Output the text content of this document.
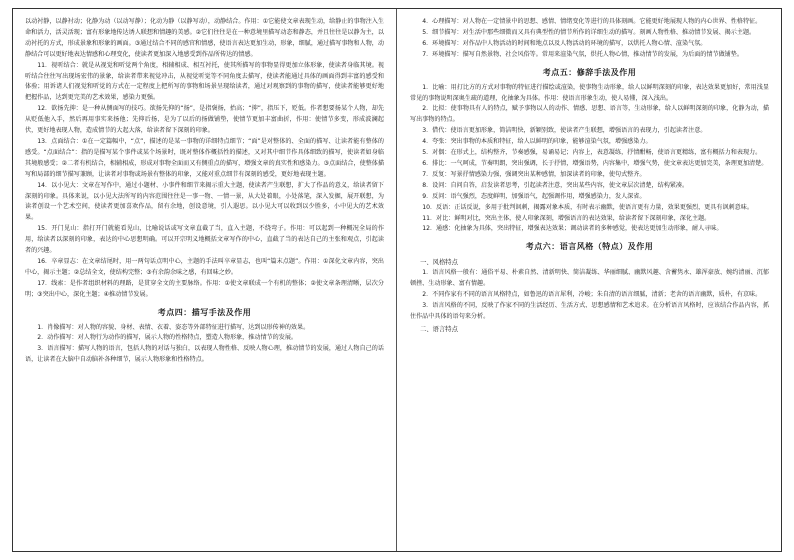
以动衬静，以静衬动；化静为动（以动写静）；化动为静（以静写动），动静结合。作用：①它能使文章表现生动，给静止的事物注入生命和活力，活灵活现；富有形象地传达诱人联想和情趣的美感。②它们往往是在一种意境里描写动态和静态，并且往往是以静为主，以动衬托的方式，形成景象和形象的画面。③通过结合不同的感官和情感，使语言表达更加生动，形象，细腻，通过描写事物和人物，动静结合可以更好地表达情感和心理变化，使读者更加深入地感受到作品所传达的情感。

11．视听结合：就是从视觉和听觉两个角度，相辅相成、相互衬托，使其所描写的事物显得更加立体形象，使读者身临其境。视听结合往往写出现场宏伟的景象，给读者带来视觉冲击，从视觉听觉等不同角度去描写，使读者能通过具体的画面得到丰富的感受和体验；用诉诸人们视觉和听觉的方式在一定程度上把所写的事物和场景呈现给读者，通过对观察到的事物的描写，使读者能够更好地把握作品，达到更完美的艺术效果，感染力更强。

12．欲扬先抑：是一种从侧面写的技巧。欲扬先抑的“扬”，是指褒扬，抬高；“抑”，指压下，贬低。作者想要扬某个人物，却先从贬低他入手，然后再用事实来扬他；先抑后扬，是为了以后的扬做铺垫，使情节更加丰富曲折，作用：使情节多变，形成波澜起伏，更好地表现人物，造成情节的大起大落，给读者留下深刻的印象。

13．点面结合：①在一定篇幅中，“点”，描述的是某一事物的详细特点细节；“面”是对整体的、全面的描写、让读者能有整体的感受。“点面结合”：指的是描写某个事件或某个场景时，既对整体作概括性的描述，又对其中细节作具体细致的描写，使读者如身临其境般感受；②二者有机结合，相辅相成，形成对事物全面而又有侧重点的描写，增强文章的真实性和感染力。③点面结合，使整体描写和局部的细节描写兼顾，让读者对事物或场景有整体的印象，又能对重点细节有深刻的感受，更好地表现主题。

14．以小见大：文章在写作中，通过小题材、小事件和细节来揭示重大主题，使读者产生联想，扩大了作品的意义，给读者留下深刻的印象。具体来说，以小见大法所写的内容范围往往是一事一物、一情一景，从大处着眼，小处落笔，深入发掘，展开联想，为读者创设一个艺术空间，使读者更加喜欢作品，留有余地，创设意境，引人遐思。以小见大可以收到以少胜多，小中见大的艺术效果。

15．开门见山：指打开门就能看见山，比喻说话或写文章直截了当，直入主题，不绕弯子。作用：可以起到一种概况全局的作用，给读者以深刻的印象，表达的中心思想明确。可以开宗明义地概括文章写作的中心，直截了当的表达自己的主张和观点，引起读者的兴趣。

16．卒章显志：在文章结尾时，用一两句话点明中心，主题的手法叫卒章显志，也叫“篇末点题”。作用：①深化文章内容，突出中心，揭示主题；②总结全文，使结构完整；③有余韵余味之感，有回味之妙。

17．线索：是作者组织材料的理路，是贯穿全文的主要脉络。作用：①使文章联成一个有机的整体；②使文章条理清晰，层次分明；③突出中心，深化主题；④推动情节发展。

考点四：描写手法及作用

1．肖像描写：对人物的容貌、身材、表情、衣着、姿态等外部特征进行描写，达到以形传神的效果。

2．动作描写：对人物行为动作的描写，展示人物的性格特点，塑造人物形象，推动情节的发展。

3．语言描写：描写人物的语言，包括人物的对话与独白，以表现人物性格、反映人物心理，推动情节的发展，通过人物自己的话语，让读者在大脑中自动脑补各种细节，展示人物形象和性格特点。

4．心理描写：对人物在一定情景中的思想、感情、情绪变化等进行的具体刻画。它能更好地展现人物的内心世界、性格特征。

5．细节描写：对生活中那些细微而又具有典型性的情节所作的详细生动的描写。刻画人物性格、推动情节发展、揭示主题。

6．环境描写：对作品中人物活动的时间和地点以及人物活动的环境的描写，以烘托人物心情、渲染气氛。

7．环境描写：描写自然景物、社会风俗等。常用来渲染气氛，烘托人物心情，推动情节的发展，为后面的情节做铺垫。

考点五：修辞手法及作用

1．比喻：用打比方的方式对事物的特征进行描绘或渲染，使事物生动形象，给人以鲜明深刻的印象，表达效果更加好，常用浅显常见的事物说明深奥生疏的道理，化抽象为具体。作用：使语言形象生动，使人易懂，深入浅出。

2．比拟：使事物具有人的特点，赋予事物以人的动作、情感、思想、语言等，生动形象，给人以鲜明深刻的印象，化静为动，描写出事物的特点。

3．借代：使语言更加形象，简洁明快，新颖别致，使读者产生联想，增强语言的表现力，引起读者注意。

4．夸张：突出事物的本质和特征，给人以鲜明的印象，能够渲染气氛，增强感染力。

5．对偶：在形式上，结构整齐，节奏感强，易诵易记；内容上，表意凝练，抒情酣畅，使语言更精练，富有概括力和表现力。

6．排比：一气呵成，节奏明朗，突出强调，长于抒情，增强语势，内容集中，增强气势，使文章表达更加完美，条理更加清楚。

7．反复：写景抒情感染力强，强调突出某种感情，加深读者的印象，使句式整齐。

8．设问：自问自答，启发读者思考，引起读者注意，突出某些内容，使文章层次清楚，结构紧凑。

9．反问：语气强烈，态度鲜明，加强语气，起强调作用，增强感染力，发人深省。

10．反语：正话反说，多用于批判讽刺，揭露对象本质，有时表示幽默，使语言更有力量，效果更强烈，更具有讽刺意味。

11．对比：鲜明对比，突出主体，使人印象深刻，增强语言的表达效果，给读者留下深刻印象，深化主题。

12．通感：化抽象为具体，突出特征，增强表达效果；调动读者的多种感觉，使表达更加生动形象，耐人寻味。

考点六：语言风格（特点）及作用
一、风格特点

1．语言风格一般有：通俗平易、朴素自然、清新明快、简洁凝练、华丽细腻、幽默风趣、含蓄隽永、雄浑豪放、婉约清丽、沉郁顿挫、生动形象、富有情趣。

2．不同作家有不同的语言风格特点，如鲁迅的语言犀利，冷峻；朱自清的语言细腻，清新；老舍的语言幽默，质朴，有京味。

3．语言风格的不同，反映了作家不同的生活经历、生活方式、思想感情和艺术追求。在分析语言风格时，应该结合作品内容，抓住作品中具体的语句来分析。

二、语言特点
